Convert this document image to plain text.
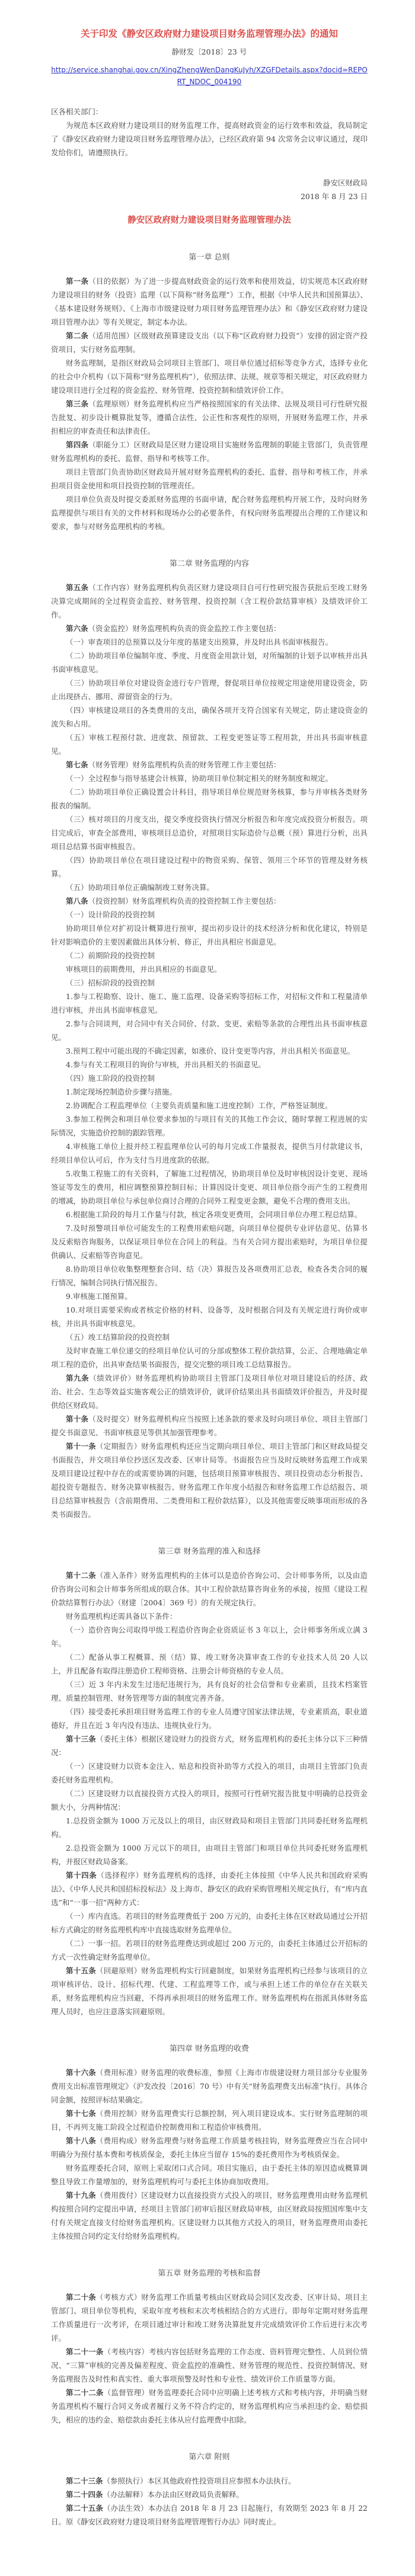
关于印发《静安区政府财力建设项目财务监理管理办法》的通知
静财发〔2018〕23 号
http://service.shanghai.gov.cn/XingZhengWenDangKuJyh/XZGFDetails.aspx?docid=REPORT_NDOC_004190

区各相关部门：

为规范本区政府财力建设项目的财务监理工作，提高财政资金的运行效率和效益，我局制定了《静安区政府财力建设项目财务监理管理办法》，已经区政府第 94 次常务会议审议通过，现印发给你们，请遵照执行。

静安区财政局
2018 年 8 月 23 日
静安区政府财力建设项目财务监理管理办法
第一章 总则

第一条（目的依据）为了进一步提高财政资金的运行效率和使用效益，切实规范本区政府财力建设项目的财务（投资）监理（以下简称“财务监理”）工作，根据《中华人民共和国预算法》、《基本建设财务规则》、《上海市市级建设财力项目财务监理管理办法》和《静安区政府财力建设项目管理办法》等有关规定，制定本办法。

第二条（适用范围）区级财政预算建设支出（以下称“区政府财力投资”）安排的固定资产投资项目，实行财务监理制。

财务监理制，是指区财政局会同项目主管部门、项目单位通过招标等竞争方式，选择专业化的社会中介机构（以下简称“财务监理机构”），依照法律、法规、规章等相关规定，对区政府财力建设项目进行全过程的资金监控、财务管理、投资控制和绩效评价工作。

第三条（监理原则）财务监理机构应当严格按照国家的有关法律、法规及项目可行性研究报告批复、初步设计概算批复等，遵循合法性、公正性和客观性的原则，开展财务监理工作，并承担相应的审查责任和法律责任。

第四条（职能分工）区财政局是区财力建设项目实施财务监理制的职能主管部门，负责管理财务监理机构的委托、监督、指导和考核等工作。

项目主管部门负责协助区财政局开展对财务监理机构的委托、监督、指导和考核工作，并承担项目资金使用和项目投资控制的管理责任。

项目单位负责及时提交委派财务监理的书面申请，配合财务监理机构开展工作，及时向财务监理提供与项目有关的文件材料和现场办公的必要条件，有权向财务监理提出合理的工作建议和要求，参与对财务监理机构的考核。

第二章 财务监理的内容

第五条（工作内容）财务监理机构负责区财力建设项目自可行性研究报告获批后至竣工财务决算完成期间的全过程资金监控、财务管理、投资控制（含工程价款结算审核）及绩效评价工作。

第六条（资金监控）财务监理机构负责的资金监控工作主要包括：

（一）审查项目的总预算以及分年度的基建支出预算，并及时出具书面审核报告。

（二）协助项目单位编制年度、季度、月度资金用款计划，对所编制的计划予以审核并出具书面审核意见。

（三）协助项目单位对建设资金进行专户管理，督促项目单位按规定用途使用建设资金，防止出现挤占、挪用、滞留资金的行为。

（四）审核建设项目的各类费用的支出，确保各项开支符合国家有关规定，防止建设资金的流失和占用。

（五）审核工程预付款、进度款、预留款、工程变更签证等工程用款，并出具书面审核意见。

第七条（财务管理）财务监理机构负责的财务管理工作主要包括：

（一）全过程参与指导基建会计核算，协助项目单位制定相关的财务制度和规定。

（二）协助项目单位正确设置会计科目，指导项目单位规范财务核算，参与并审核各类财务报表的编制。

（三）核对项目的月度支出，提交季度投资执行情况分析报告和年度完成投资分析报告。项目完成后，审查全部费用，审核项目总造价，对照项目实际造价与总概（预）算进行分析，出具项目总结算书面审核报告。

（四）协助项目单位在项目建设过程中的物资采购、保管、领用三个环节的管理及财务核算。

（五）协助项目单位正确编制竣工财务决算。

第八条（投资控制）财务监理机构负责的投资控制工作主要包括：

（一）设计阶段的投资控制

协助项目单位对扩初设计概算进行预审，提出初步设计的技术经济分析和优化建议，特别是针对影响造价的主要因素做出具体分析、修正，并出具相应书面意见。

（二）前期阶段的投资控制

审核项目的前期费用，并出具相应的书面意见。

（三）招标阶段的投资控制

1.参与工程勘察、设计、施工、施工监理、设备采购等招标工作，对招标文件和工程量清单进行审核，并出具书面审核意见。

2.参与合同谈判，对合同中有关合同价、付款、变更、索赔等条款的合理性出具书面审核意见。

3.预判工程中可能出现的不确定因素，如涨价、设计变更等内容，并出具相关书面意见。

4.参与有关工程项目的询价与审核，并出具相关的书面意见。

（四）施工阶段的投资控制

1.制定现场控制造价步骤与措施。

2.协调配合工程监理单位（主要负责质量和施工进度控制）工作，严格签证制度。

3.参加工程例会和项目单位要求参加的与项目有关的其他工作会议，随时掌握工程进展的实际情况，实施造价控制的跟踪管理。

4.审核施工单位上报并经工程监理单位认可的每月完成工作量报表，提供当月付款建议书，经项目单位认可后，作为支付当月进度款的依据。

5.收集工程施工的有关资料，了解施工过程情况，协助项目单位及时审核因设计变更、现场签证等发生的费用，相应调整预算控制目标；计算因设计变更、项目单位指令而产生的工程费用的增减，协助项目单位与承包单位商讨合理的合同外工程变更金额，避免不合理的费用支出。

6.根据施工阶段的每月工作量与付款，核定各项变更费用，会同项目单位办理工程总结算。

7.及时预警项目单位可能发生的工程费用索赔问题，向项目单位提供专业评估意见、估算书及反索赔咨询服务，以保证项目单位在合同上的利益。当有关合同方提出索赔时，为项目单位提供确认、反索赔等咨询意见。

8.协助项目单位收集整理整套合同、结（决）算报告及各项费用汇总表，检查各类合同的履行情况，编制合同执行情况报告。

9.审核施工图预算。

10.对项目需要采购或者核定价格的材料、设备等，及时根据合同及有关规定进行询价或审核，并出具书面审核意见。

（五）竣工结算阶段的投资控制

及时审查施工单位递交的经项目单位认可的分部或整体工程价款结算，公正、合理地确定单项工程的造价，出具审查结果书面报告，提交完整的项目竣工总结算报告。

第九条（绩效评价）财务监理机构协助项目主管部门及项目单位对项目建设后的经济、政治、社会、生态等效益实施客观公正的绩效评价，就评价结果出具书面绩效评价报告，并及时提供给区财政局。

第十条（及时提交）财务监理机构应当按照上述条款的要求及时向项目单位、项目主管部门提交书面意见、书面审核意见等供其加强管理参考。

第十一条（定期报告）财务监理机构还应当定期向项目单位、项目主管部门和区财政局提交书面报告，并交项目单位抄送区发改委、区审计局等。书面报告应当及时反映财务监理工作成果及项目建设过程中存在的或需要协调的问题，包括项目预算审核报告、项目投资动态分析报告、超投资专题报告、财务决算审核报告、财务监理工作年度小结报告和财务监理工作总结报告、项目总结算审核报告（含前期费用、二类费用和工程价款结算），以及其他需要反映事项而形成的各类书面报告。

第三章 财务监理的准入和选择

第十二条（准入条件）财务监理机构的主体可以是造价咨询公司、会计师事务所，以及由造价咨询公司和会计师事务所组成的联合体。其中工程价款结算咨询业务的承接，按照《建设工程价款结算暂行办法》（财建〔2004〕369 号）的有关规定执行。

财务监理机构还需具备以下条件：

（一）造价咨询公司取得甲级工程造价咨询企业资质证书 3 年以上，会计师事务所成立满 3 年。

（二）配备从事工程概算、预（结）算、竣工财务决算审查工作的专业技术人员 20 人以上，并且配备有取得注册造价工程师资格、注册会计师资格的专业人员。

（三）近 3 年内未发生过违纪违规行为，具有良好的社会信誉和专业素质，且技术档案管理、质量控制管理、财务管理等方面的制度完善齐备。

（四）接受委托承担项目财务监理工作的专业人员遵守国家法律法规，专业素质高，职业道德好，并且在近 3 年内没有违法、违规执业行为。

第十三条（委托主体）根据区建设财力的投资方式，财务监理机构的委托主体分以下三种情况：

（一）区建设财力以资本金注入、贴息和投资补助等方式投入的项目，由项目主管部门负责委托财务监理机构。

（二）区建设财力以直接投资方式投入的项目，按照可行性研究报告批复中明确的总投资金额大小，分两种情况：

1.总投资金额为 1000 万元及以上的项目，由区财政局和项目主管部门共同委托财务监理机构。

2.总投资金额为 1000 万元以下的项目，由项目主管部门和项目单位共同委托财务监理机构，并报区财政局备案。

第十四条（选择程序）财务监理机构的选择，由委托主体按照《中华人民共和国政府采购法》、《中华人民共和国招标投标法》及上海市、静安区的政府采购管理相关规定执行，有“库内直选”和“一事一招”两种方式：

（一）库内直选。若项目的财务监理费低于 200 万元的，由委托主体在区财政局通过公开招标方式确定的财务监理机构库中直接选取财务监理单位。

（二）一事一招。若项目的财务监理费达到或超过 200 万元的，由委托主体通过公开招标的方式一次性确定财务监理单位。

第十五条（回避原则）财务监理机构实行回避制度，如果财务监理机构已经参与该项目的立项审核评估、设计、招标代理、代建、工程监理等工作，或与承担上述工作的单位存在关联关系，财务监理机构应当回避，不得再承担项目的财务监理工作。财务监理机构在指派具体财务监理人员时，也应注意落实回避原则。

第四章 财务监理的收费

第十六条（费用标准）财务监理的收费标准，参照《上海市市级建设财力项目部分专业服务费用支出标准管理规定》（沪发改投〔2016〕70 号）中有关“财务监理费支出标准”执行。具体合同金额，按照评标结果确定。

第十七条（费用控制）财务监理费实行总额控制，列入项目建设成本。实行财务监理制的项目，不再列支施工阶段全过程造价控制费用和工程造价审核费用。

第十八条（费用构成）财务监理费与财务监理工作质量考核挂钩，财务监理费应当在合同中明确分为预付基本费和考核质保金，委托主体应当留存 15%的委托费用作为考核质保金。

财务监理委托合同，原则上采取闭口式合同。项目实施后，由于委托主体的原因造成概算调整且导致工作量增加的，财务监理机构可与委托主体协商加收费用。

第十九条（费用拨付）区建设财力以直接投资方式投入的项目，财务监理费用由财务监理机构按照合同约定提出申请，经项目主管部门初审后报区财政局审核，由区财政局按照国库集中支付有关规定直接支付给财务监理机构。区建设财力以其他方式投入的项目，财务监理费用由委托主体按照合同约定支付给财务监理机构。

第五章 财务监理的考核和监督

第二十条（考核方式）财务监理工作质量考核由区财政局会同区发改委、区审计局、项目主管部门、项目单位等机构，采取年度考核和末次考核相结合的方式进行。即每年定期对财务监理工作质量进行一次考评，在项目通过审计和竣工财务决算批复并完成绩效评价工作后进行末次考评。

第二十一条（考核内容）考核内容包括财务监理的工作态度、资料管理完整性、人员到位情况、“三算”审核的完善及偏差程度、资金监控的准确性、财务管理的规范性、投资控制情况、财务监理报告及时性和真实性、重大事项预警及时性和专业性、绩效评价工作质量等方面。

第二十二条（监督管理）财务监理委托合同中应明确上述考核方式和考核内容，并明确当财务监理机构不履行合同义务或者履行义务不符合约定的，财务监理机构应当承担违约金、赔偿损失，相应的违约金、赔偿款由委托主体从应付监理费中扣除。

第六章 附则

第二十三条（参照执行）本区其他政府性投资项目应参照本办法执行。

第二十四条（办法解释）本办法由区财政局负责解释。

第二十五条（办法生效）本办法自 2018 年 8 月 23 日起施行，有效期至 2023 年 8 月 22 日。原《静安区政府财力建设项目财务监理管理暂行办法》同时废止。
